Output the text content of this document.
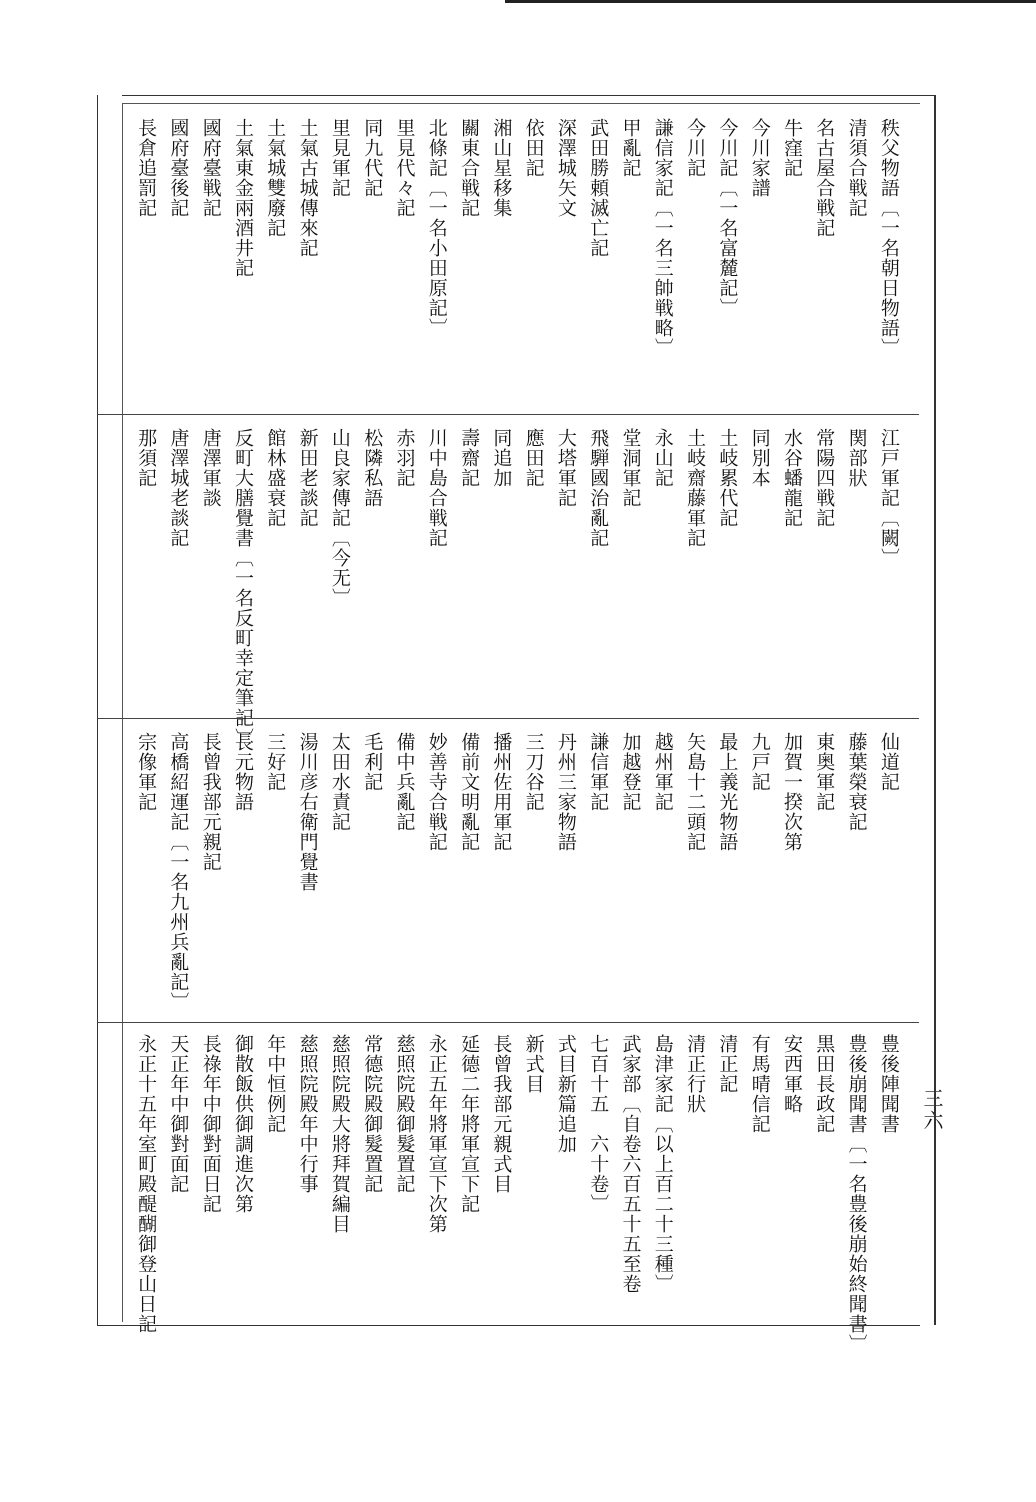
三六
秩父物語〔一名朝日物語〕
清須合戦記
名古屋合戦記
牛窪記
今川家譜
今川記〔一名富麓記〕
今川記
謙信家記〔一名三帥戦略〕
甲亂記
武田勝頼滅亡記
深澤城矢文
依田記
湘山星移集
關東合戦記
北條記〔一名小田原記〕
里見代々記
同九代記
里見軍記
土氣古城傳來記
土氣城雙廢記
土氣東金兩酒井記
國府臺戦記
國府臺後記
長倉追罰記
江戸軍記〔闕〕
関部狀
常陽四戦記
水谷蟠龍記
同別本
土岐累代記
土岐齋藤軍記
永山記
堂洞軍記
飛騨國治亂記
大塔軍記
應田記
同追加
壽齋記
川中島合戦記
赤羽記
松隣私語
山良家傳記〔今无〕
新田老談記
館林盛衰記
反町大膳覺書〔一名反町幸定筆記〕
唐澤軍談
唐澤城老談記
那須記
仙道記
藤葉榮衰記
東奥軍記
加賀一揆次第
九戸記
最上義光物語
矢島十二頭記
越州軍記
加越登記
謙信軍記
丹州三家物語
三刀谷記
播州佐用軍記
備前文明亂記
妙善寺合戦記
備中兵亂記
毛利記
太田水責記
湯川彦右衛門覺書
三好記
長元物語
長曾我部元親記
高橋紹運記〔一名九州兵亂記〕
宗像軍記
豊後陣聞書
豊後崩聞書〔一名豊後崩始終聞書〕
黒田長政記
安西軍略
有馬晴信記
清正記
清正行狀
島津家記〔以上百二十三種〕
武家部〔自卷六百五十五至卷
七百十五　六十卷〕
式目新篇追加
新式目
長曾我部元親式目
延德二年將軍宣下記
永正五年將軍宣下次第
慈照院殿御髮置記
常德院殿御髮置記
慈照院殿大將拜賀編目
慈照院殿年中行事
年中恒例記
御散飯供御調進次第
長祿年中御對面日記
天正年中御對面記
永正十五年室町殿醍醐御登山日記
